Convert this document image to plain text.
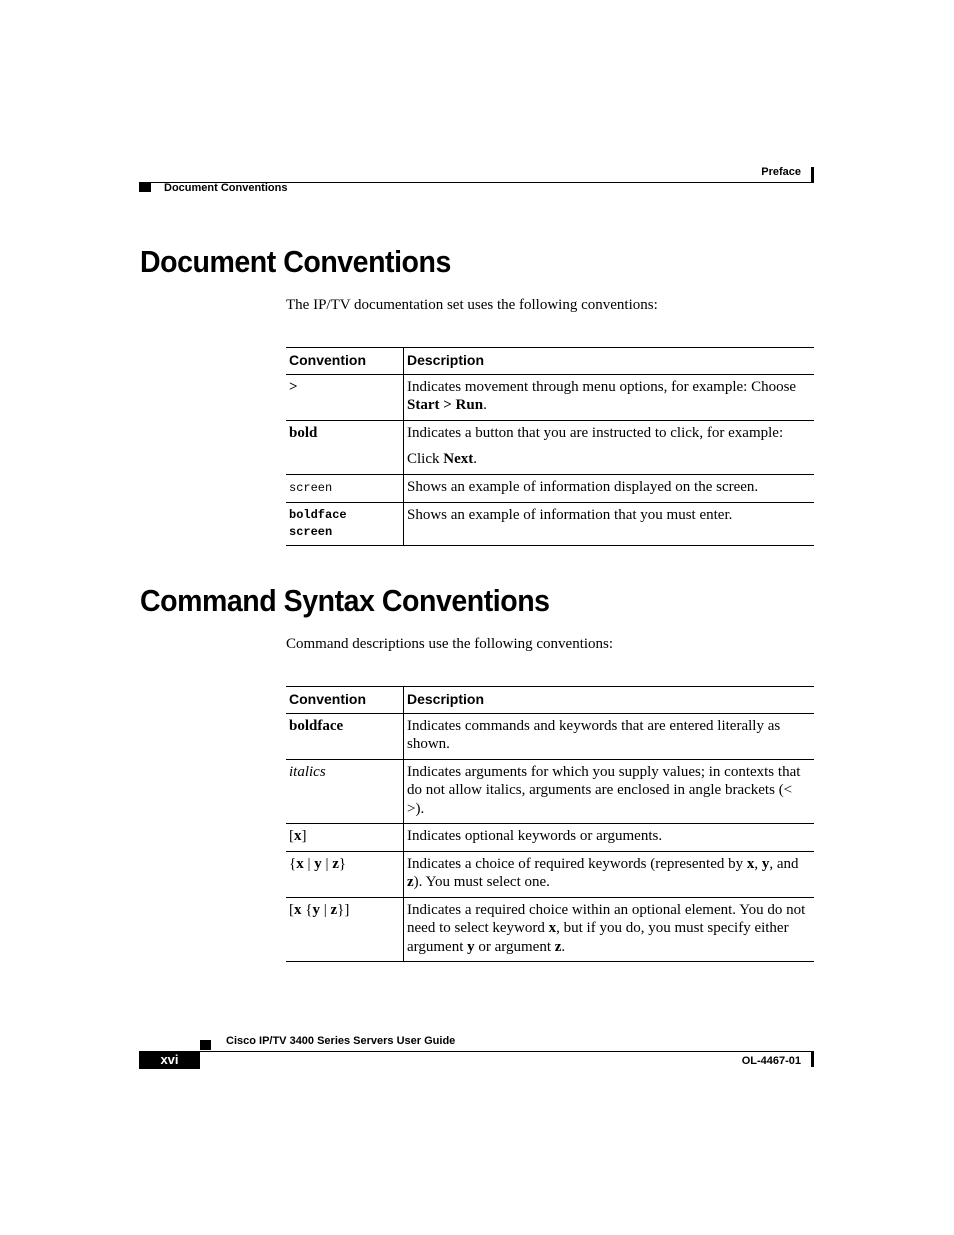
Preface
Document Conventions
Document Conventions
The IP/TV documentation set uses the following conventions:
Convention	Description
>	Indicates movement through menu options, for example: Choose Start > Run.
bold	Indicates a button that you are instructed to click, for example:

Click Next.

screen	Shows an example of information displayed on the screen.
boldface
screen	Shows an example of information that you must enter.
Command Syntax Conventions
Command descriptions use the following conventions:
Convention	Description
boldface	Indicates commands and keywords that are entered literally as shown.
italics	Indicates arguments for which you supply values; in contexts that do not allow italics, arguments are enclosed in angle brackets (< >).
[x]	Indicates optional keywords or arguments.
{x | y | z}	Indicates a choice of required keywords (represented by x, y, and z). You must select one.
[x {y | z}]	Indicates a required choice within an optional element. You do not need to select keyword x, but if you do, you must specify either argument y or argument z.
Cisco IP/TV 3400 Series Servers User Guide
xvi	OL-4467-01
